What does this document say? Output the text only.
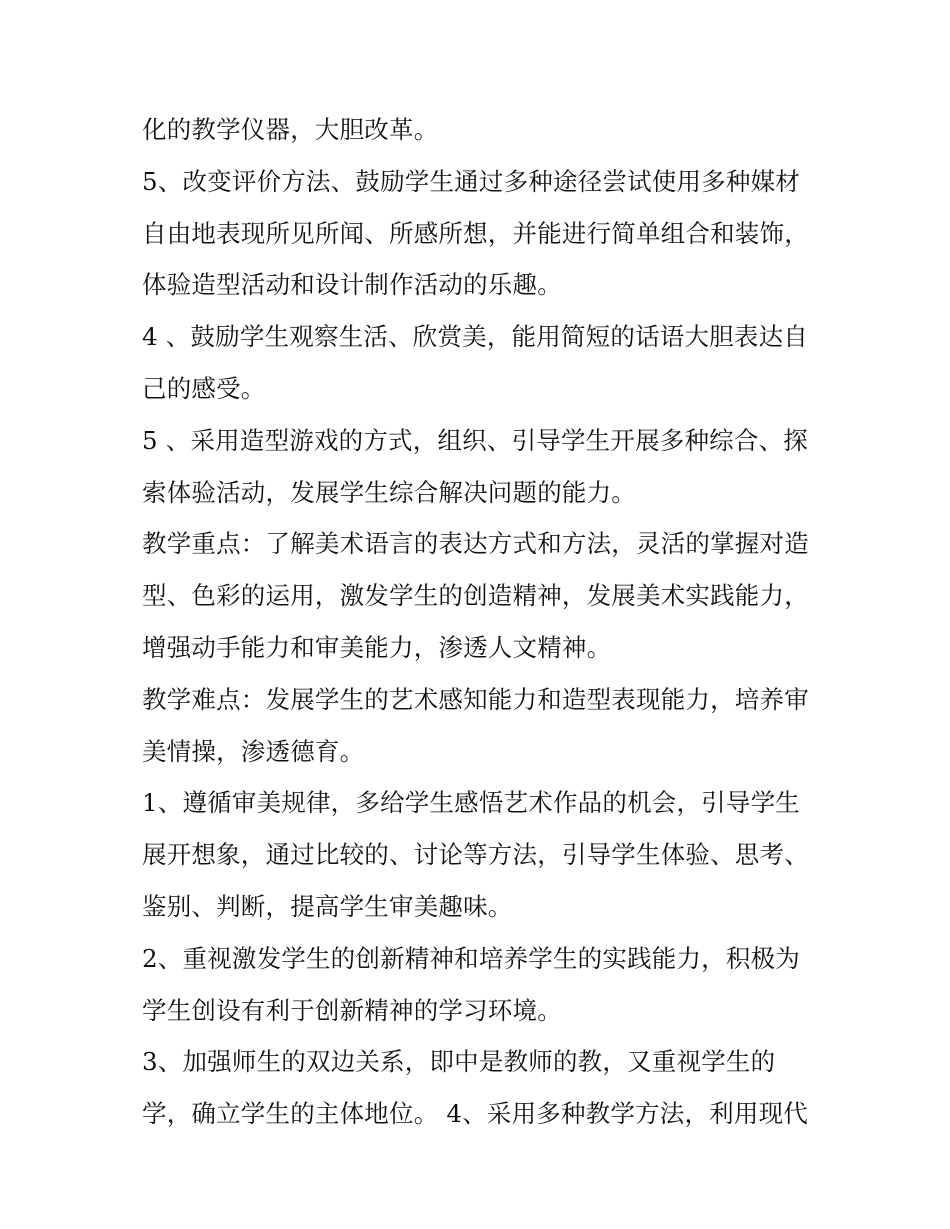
化的教学仪器，大胆改革。
5、改变评价方法、鼓励学生通过多种途径尝试使用多种媒材
自由地表现所见所闻、所感所想，并能进行简单组合和装饰，
体验造型活动和设计制作活动的乐趣。
4 、鼓励学生观察生活、欣赏美，能用简短的话语大胆表达自
己的感受。
5 、采用造型游戏的方式，组织、引导学生开展多种综合、探
索体验活动，发展学生综合解决问题的能力。
教学重点：了解美术语言的表达方式和方法，灵活的掌握对造
型、色彩的运用，激发学生的创造精神，发展美术实践能力，
增强动手能力和审美能力，渗透人文精神。
教学难点：发展学生的艺术感知能力和造型表现能力，培养审
美情操，渗透德育。
1、遵循审美规律，多给学生感悟艺术作品的机会，引导学生
展开想象，通过比较的、讨论等方法，引导学生体验、思考、
鉴别、判断，提高学生审美趣味。
2、重视激发学生的创新精神和培养学生的实践能力，积极为
学生创设有利于创新精神的学习环境。
3、加强师生的双边关系，即中是教师的教，又重视学生的
学，确立学生的主体地位。 4、采用多种教学方法，利用现代
